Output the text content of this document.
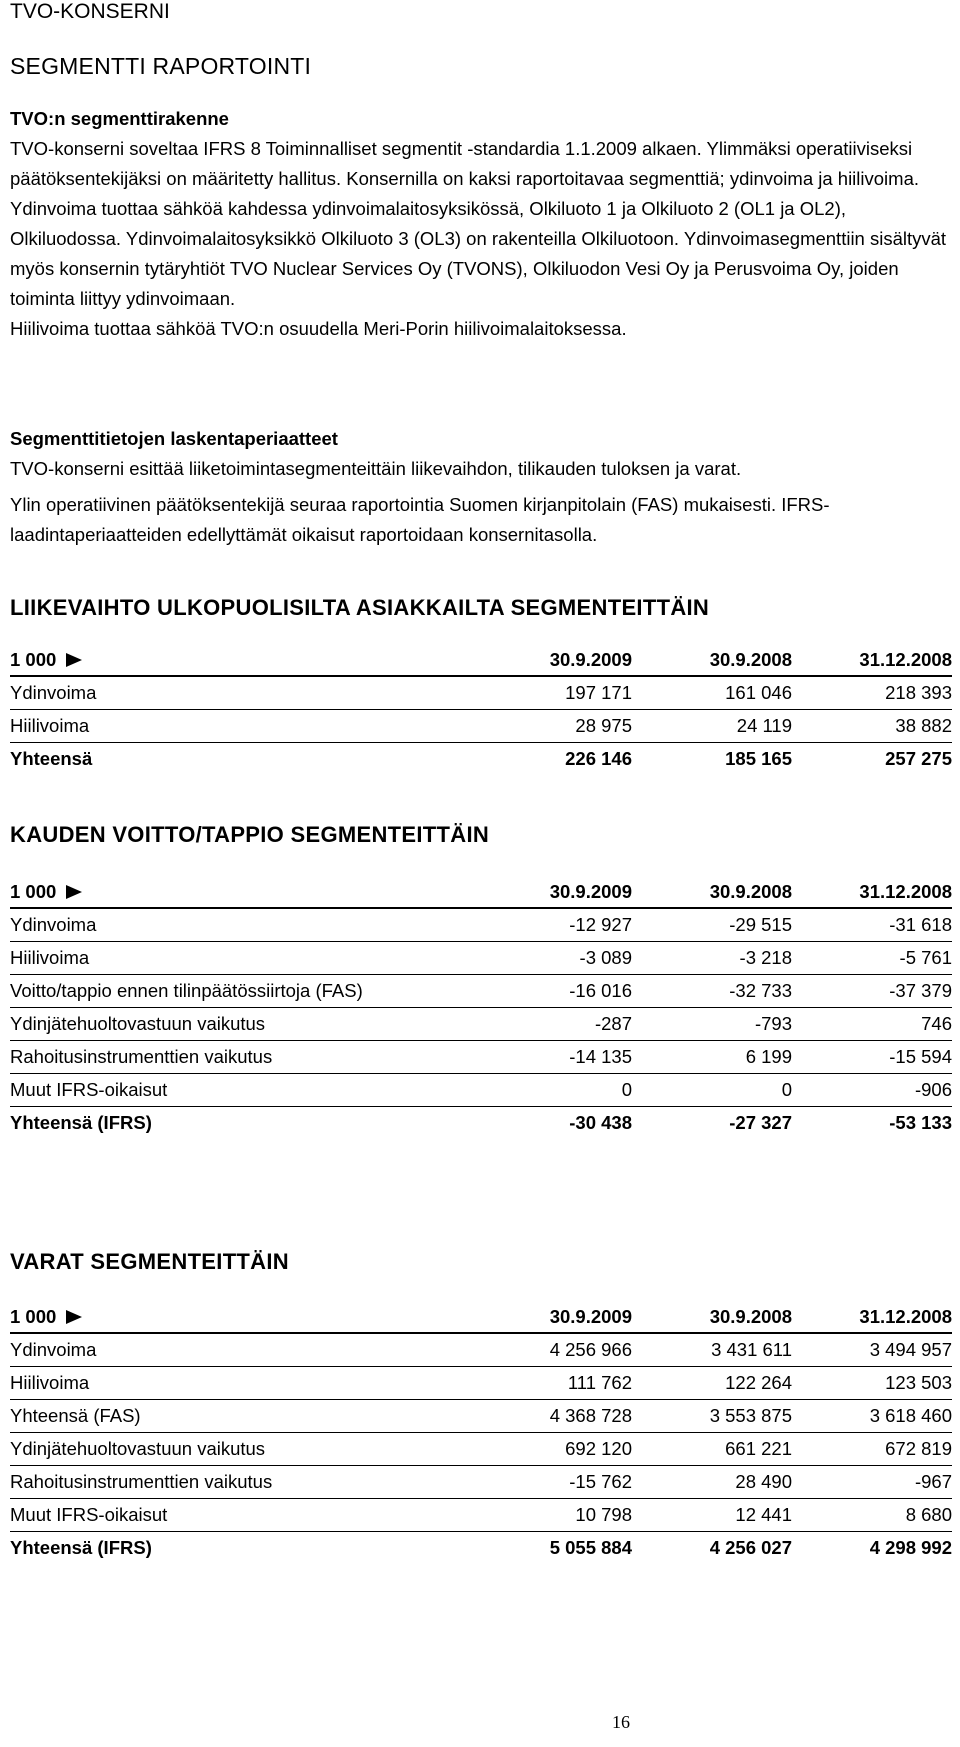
TVO-KONSERNI
SEGMENTTI RAPORTOINTI

TVO:n segmenttirakenne

TVO-konserni soveltaa IFRS 8 Toiminnalliset segmentit -standardia 1.1.2009 alkaen. Ylimmäksi operatiiviseksi päätöksentekijäksi on määritetty hallitus. Konsernilla on kaksi raportoitavaa segmenttiä; ydinvoima ja hiilivoima.

Ydinvoima tuottaa sähköä kahdessa ydinvoimalaitosyksikössä, Olkiluoto 1 ja Olkiluoto 2 (OL1 ja OL2), Olkiluodossa. Ydinvoimalaitosyksikkö Olkiluoto 3 (OL3) on rakenteilla Olkiluotoon. Ydinvoimasegmenttiin sisältyvät myös konsernin tytäryhtiöt TVO Nuclear Services Oy (TVONS), Olkiluodon Vesi Oy ja Perusvoima Oy, joiden toiminta liittyy ydinvoimaan.

Hiilivoima tuottaa sähköä TVO:n osuudella Meri-Porin hiilivoimalaitoksessa.

Segmenttitietojen laskentaperiaatteet

TVO-konserni esittää liiketoimintasegmenteittäin liikevaihdon, tilikauden tuloksen ja varat.

Ylin operatiivinen päätöksentekijä seuraa raportointia Suomen kirjanpitolain (FAS) mukaisesti. IFRS-laadintaperiaatteiden edellyttämät oikaisut raportoidaan konsernitasolla.

LIIKEVAIHTO ULKOPUOLISILTA ASIAKKAILTA SEGMENTEITTÄIN
1 000	30.9.2009	30.9.2008	31.12.2008
Ydinvoima	197 171	161 046	218 393
Hiilivoima	28 975	24 119	38 882
Yhteensä	226 146	185 165	257 275
KAUDEN VOITTO/TAPPIO SEGMENTEITTÄIN
1 000	30.9.2009	30.9.2008	31.12.2008
Ydinvoima	-12 927	-29 515	-31 618
Hiilivoima	-3 089	-3 218	-5 761
Voitto/tappio ennen tilinpäätössiirtoja (FAS)	-16 016	-32 733	-37 379
Ydinjätehuoltovastuun vaikutus	-287	-793	746
Rahoitusinstrumenttien vaikutus	-14 135	6 199	-15 594
Muut IFRS-oikaisut	0	0	-906
Yhteensä (IFRS)	-30 438	-27 327	-53 133
VARAT SEGMENTEITTÄIN
1 000	30.9.2009	30.9.2008	31.12.2008
Ydinvoima	4 256 966	3 431 611	3 494 957
Hiilivoima	111 762	122 264	123 503
Yhteensä (FAS)	4 368 728	3 553 875	3 618 460
Ydinjätehuoltovastuun vaikutus	692 120	661 221	672 819
Rahoitusinstrumenttien vaikutus	-15 762	28 490	-967
Muut IFRS-oikaisut	10 798	12 441	8 680
Yhteensä (IFRS)	5 055 884	4 256 027	4 298 992
16
